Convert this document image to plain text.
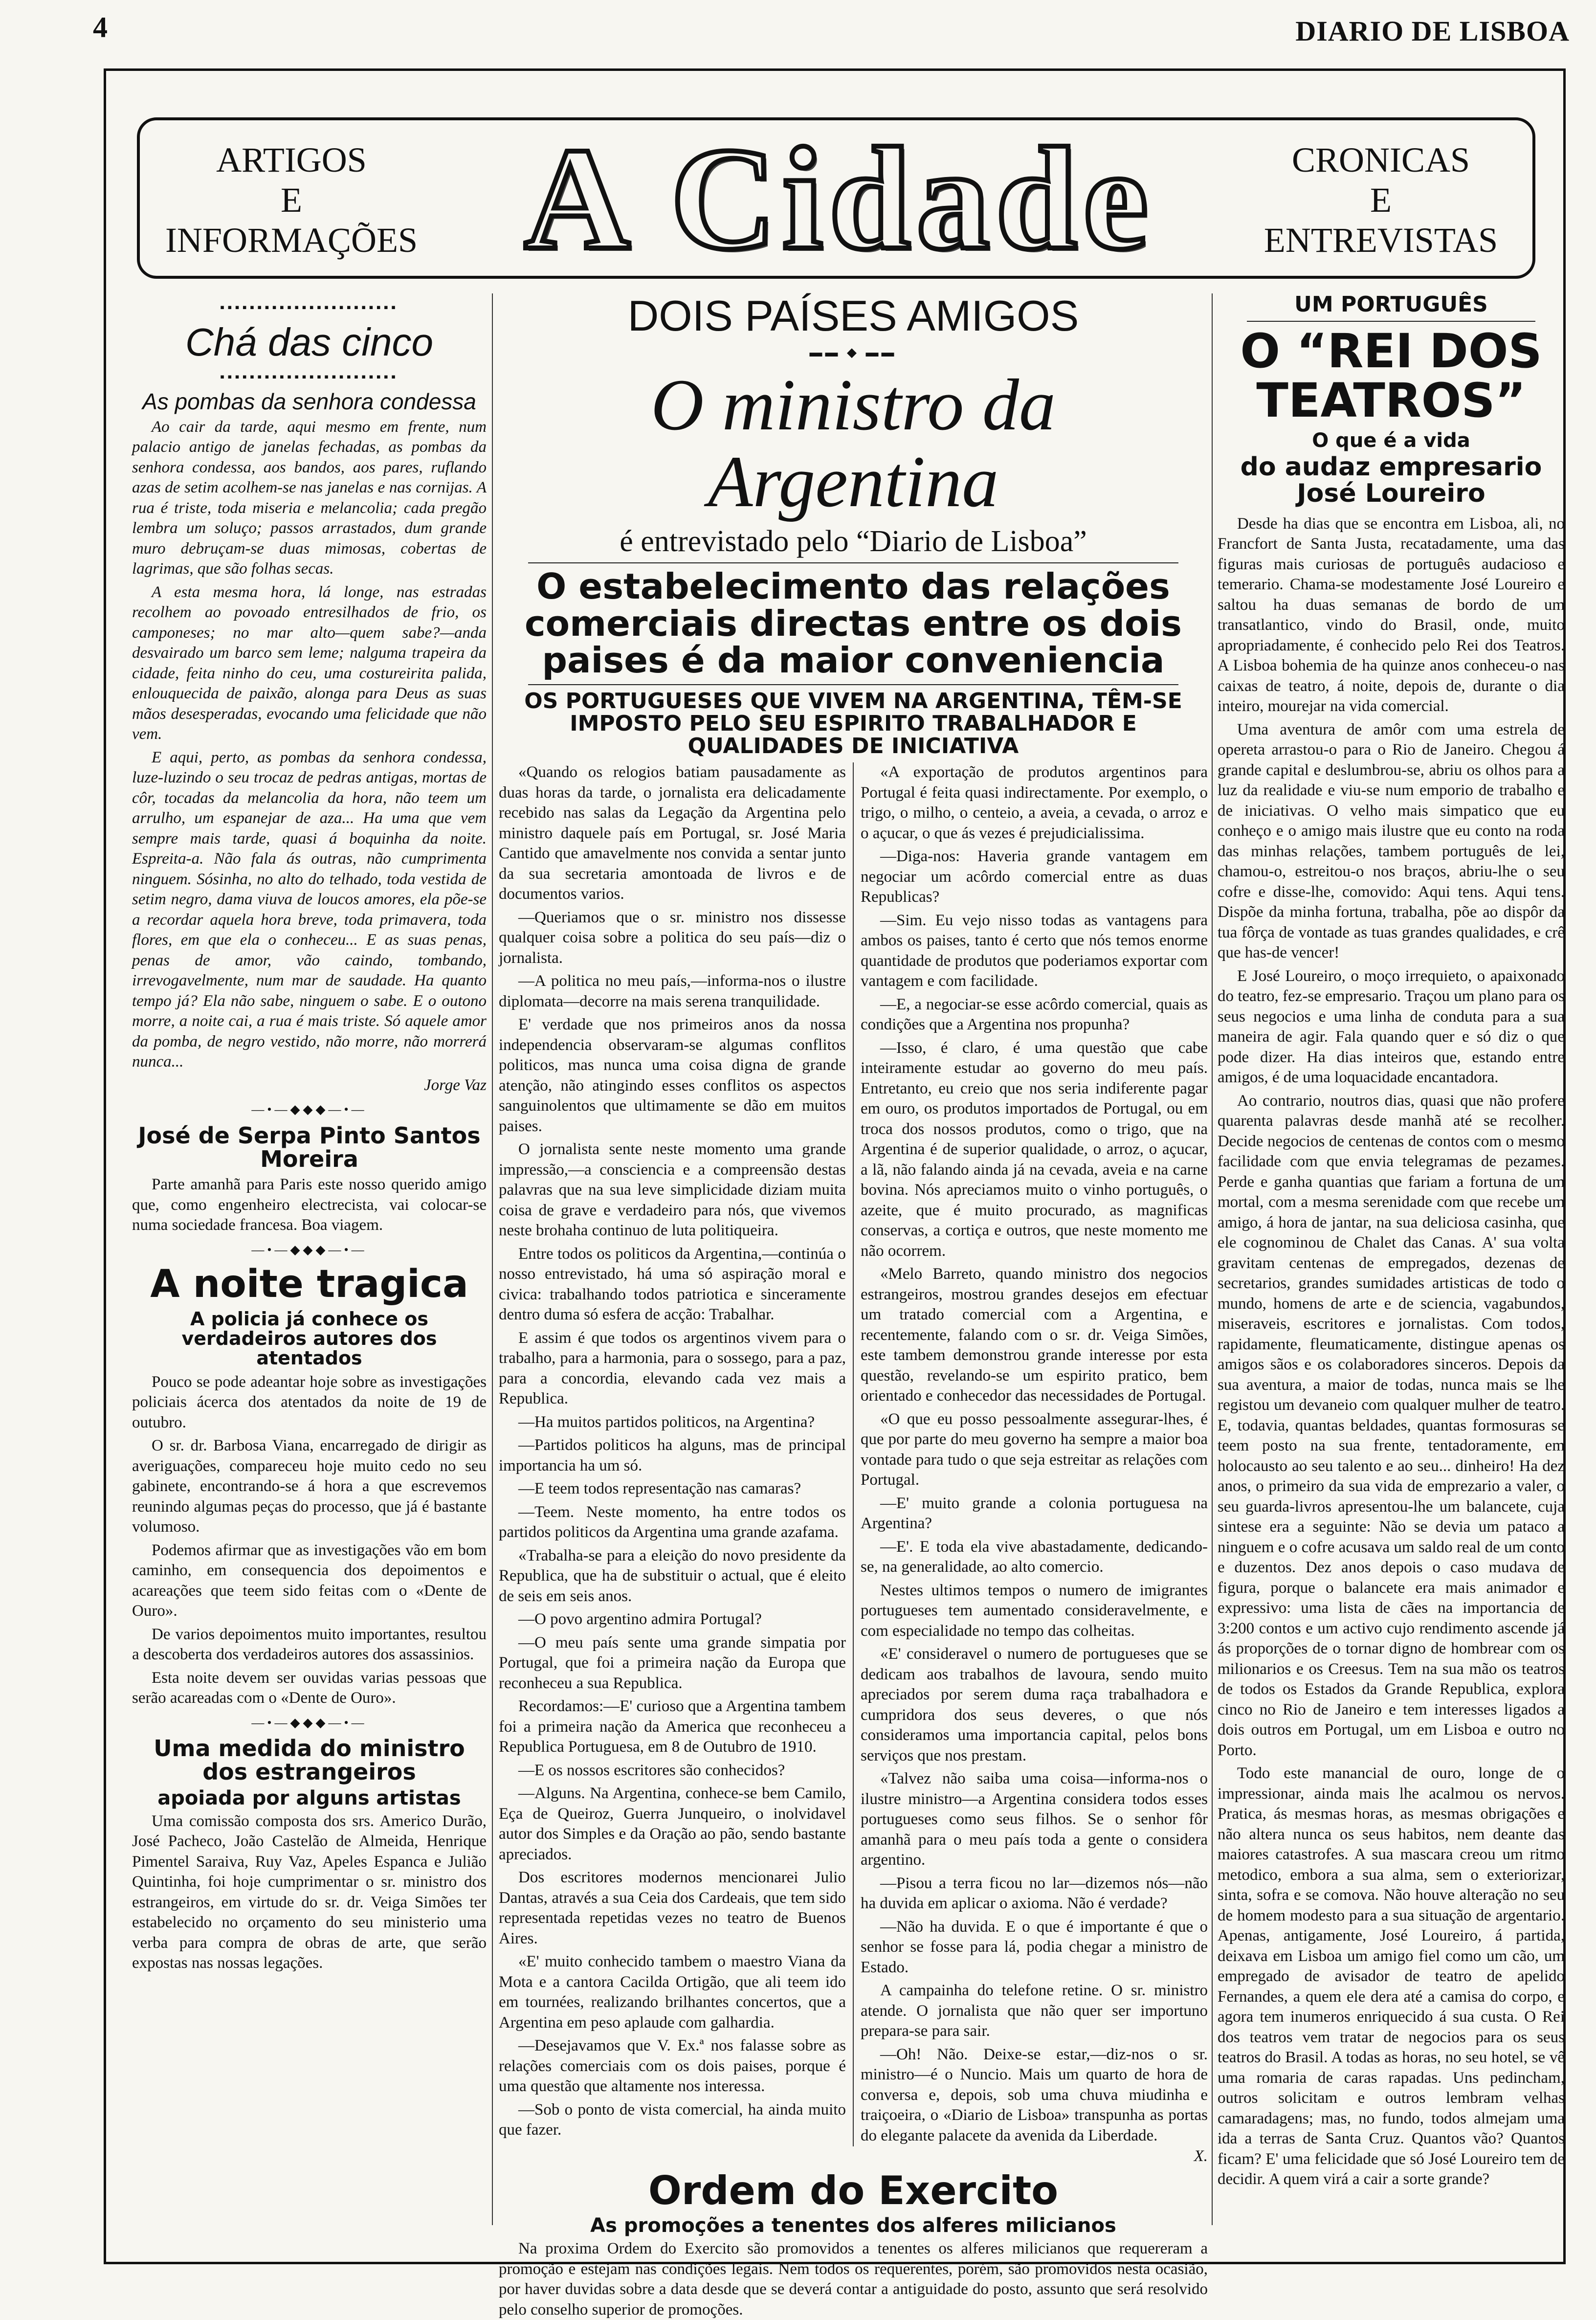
4	DIARIO DE LISBOA
ARTIGOS
E
INFORMAÇÕES A Cidade	CRONICAS
E
ENTREVISTAS
▪▪▪▪▪▪▪▪▪▪▪▪▪▪▪▪▪▪▪▪▪▪▪▪
Chá das cinco
▪▪▪▪▪▪▪▪▪▪▪▪▪▪▪▪▪▪▪▪▪▪▪▪
As pombas da senhora condessa

Ao cair da tarde, aqui mesmo em frente, num palacio antigo de janelas fechadas, as pombas da senhora condessa, aos bandos, aos pares, ruflando azas de setim acolhem-se nas janelas e nas cornijas. A rua é triste, toda miseria e melancolia; cada pregão lembra um soluço; passos arrastados, dum grande muro debruçam-se duas mimosas, cobertas de lagrimas, que são folhas secas.

A esta mesma hora, lá longe, nas estradas recolhem ao povoado entresilhados de frio, os camponeses; no mar alto—quem sabe?—anda desvairado um barco sem leme; nalguma trapeira da cidade, feita ninho do ceu, uma costureirita palida, enlouquecida de paixão, alonga para Deus as suas mãos desesperadas, evocando uma felicidade que não vem.

E aqui, perto, as pombas da senhora condessa, luze-luzindo o seu trocaz de pedras antigas, mortas de côr, tocadas da melancolia da hora, não teem um arrulho, um espanejar de aza... Ha uma que vem sempre mais tarde, quasi á boquinha da noite. Espreita-a. Não fala ás outras, não cumprimenta ninguem. Sósinha, no alto do telhado, toda vestida de setim negro, dama viuva de loucos amores, ela põe-se a recordar aquela hora breve, toda primavera, toda flores, em que ela o conheceu... E as suas penas, penas de amor, vão caindo, tombando, irrevogavelmente, num mar de saudade. Ha quanto tempo já? Ela não sabe, ninguem o sabe. E o outono morre, a noite cai, a rua é mais triste. Só aquele amor da pomba, de negro vestido, não morre, não morrerá nunca...

Jorge Vaz

—•—◆◆◆—•—
José de Serpa Pinto Santos Moreira

Parte amanhã para Paris este nosso querido amigo que, como engenheiro electrecista, vai colocar-se numa sociedade francesa. Boa viagem.

—•—◆◆◆—•—
A noite tragica
A policia já conhece os verdadeiros autores dos atentados

Pouco se pode adeantar hoje sobre as investigações policiais ácerca dos atentados da noite de 19 de outubro.

O sr. dr. Barbosa Viana, encarregado de dirigir as averiguações, compareceu hoje muito cedo no seu gabinete, encontrando-se á hora a que escrevemos reunindo algumas peças do processo, que já é bastante volumoso.

Podemos afirmar que as investigações vão em bom caminho, em consequencia dos depoimentos e acareações que teem sido feitas com o «Dente de Ouro».

De varios depoimentos muito importantes, resultou a descoberta dos verdadeiros autores dos assassinios.

Esta noite devem ser ouvidas varias pessoas que serão acareadas com o «Dente de Ouro».

—•—◆◆◆—•—
Uma medida do ministro dos estrangeiros
apoiada por alguns artistas

Uma comissão composta dos srs. Americo Durão, José Pacheco, João Castelão de Almeida, Henrique Pimentel Saraiva, Ruy Vaz, Apeles Espanca e Julião Quintinha, foi hoje cumprimentar o sr. ministro dos estrangeiros, em virtude do sr. dr. Veiga Simões ter estabelecido no orçamento do seu ministerio uma verba para compra de obras de arte, que serão expostas nas nossas legações.

DOIS PAÍSES AMIGOS
▬▬ ◆ ▬▬
O ministro da Argentina
é entrevistado pelo “Diario de Lisboa”
O estabelecimento das relações comerciais directas entre os dois paises é da maior conveniencia
OS PORTUGUESES QUE VIVEM NA ARGENTINA, TÊM-SE IMPOSTO PELO SEU ESPIRITO TRABALHADOR E QUALIDADES DE INICIATIVA

«Quando os relogios batiam pausadamente as duas horas da tarde, o jornalista era delicadamente recebido nas salas da Legação da Argentina pelo ministro daquele país em Portugal, sr. José Maria Cantido que amavelmente nos convida a sentar junto da sua secretaria amontoada de livros e de documentos varios.

—Queriamos que o sr. ministro nos dissesse qualquer coisa sobre a politica do seu país—diz o jornalista.

—A politica no meu país,—informa-nos o ilustre diplomata—decorre na mais serena tranquilidade.

E' verdade que nos primeiros anos da nossa independencia observaram-se algumas conflitos politicos, mas nunca uma coisa digna de grande atenção, não atingindo esses conflitos os aspectos sanguinolentos que ultimamente se dão em muitos paises.

O jornalista sente neste momento uma grande impressão,—a consciencia e a compreensão destas palavras que na sua leve simplicidade diziam muita coisa de grave e verdadeiro para nós, que vivemos neste brohaha continuo de luta politiqueira.

Entre todos os politicos da Argentina,—continúa o nosso entrevistado, há uma só aspiração moral e civica: trabalhando todos patriotica e sinceramente dentro duma só esfera de acção: Trabalhar.

E assim é que todos os argentinos vivem para o trabalho, para a harmonia, para o sossego, para a paz, para a concordia, elevando cada vez mais a Republica.

—Ha muitos partidos politicos, na Argentina?

—Partidos politicos ha alguns, mas de principal importancia ha um só.

—E teem todos representação nas camaras?

—Teem. Neste momento, ha entre todos os partidos politicos da Argentina uma grande azafama.

«Trabalha-se para a eleição do novo presidente da Republica, que ha de substituir o actual, que é eleito de seis em seis anos.

—O povo argentino admira Portugal?

—O meu país sente uma grande simpatia por Portugal, que foi a primeira nação da Europa que reconheceu a sua Republica.

Recordamos:—E' curioso que a Argentina tambem foi a primeira nação da America que reconheceu a Republica Portuguesa, em 8 de Outubro de 1910.

—E os nossos escritores são conhecidos?

—Alguns. Na Argentina, conhece-se bem Camilo, Eça de Queiroz, Guerra Junqueiro, o inolvidavel autor dos Simples e da Oração ao pão, sendo bastante apreciados.

Dos escritores modernos mencionarei Julio Dantas, através a sua Ceia dos Cardeais, que tem sido representada repetidas vezes no teatro de Buenos Aires.

«E' muito conhecido tambem o maestro Viana da Mota e a cantora Cacilda Ortigão, que ali teem ido em tournées, realizando brilhantes concertos, que a Argentina em peso aplaude com galhardia.

—Desejavamos que V. Ex.ª nos falasse sobre as relações comerciais com os dois paises, porque é uma questão que altamente nos interessa.

—Sob o ponto de vista comercial, ha ainda muito que fazer.

«A exportação de produtos argentinos para Portugal é feita quasi indirectamente. Por exemplo, o trigo, o milho, o centeio, a aveia, a cevada, o arroz e o açucar, o que ás vezes é prejudicialissima.

—Diga-nos: Haveria grande vantagem em negociar um acôrdo comercial entre as duas Republicas?

—Sim. Eu vejo nisso todas as vantagens para ambos os paises, tanto é certo que nós temos enorme quantidade de produtos que poderiamos exportar com vantagem e com facilidade.

—E, a negociar-se esse acôrdo comercial, quais as condições que a Argentina nos propunha?

—Isso, é claro, é uma questão que cabe inteiramente estudar ao governo do meu país. Entretanto, eu creio que nos seria indiferente pagar em ouro, os produtos importados de Portugal, ou em troca dos nossos produtos, como o trigo, que na Argentina é de superior qualidade, o arroz, o açucar, a lã, não falando ainda já na cevada, aveia e na carne bovina. Nós apreciamos muito o vinho português, o azeite, que é muito procurado, as magnificas conservas, a cortiça e outros, que neste momento me não ocorrem.

«Melo Barreto, quando ministro dos negocios estrangeiros, mostrou grandes desejos em efectuar um tratado comercial com a Argentina, e recentemente, falando com o sr. dr. Veiga Simões, este tambem demonstrou grande interesse por esta questão, revelando-se um espirito pratico, bem orientado e conhecedor das necessidades de Portugal.

«O que eu posso pessoalmente assegurar-lhes, é que por parte do meu governo ha sempre a maior boa vontade para tudo o que seja estreitar as relações com Portugal.

—E' muito grande a colonia portuguesa na Argentina?

—E'. E toda ela vive abastadamente, dedicando-se, na generalidade, ao alto comercio.

Nestes ultimos tempos o numero de imigrantes portugueses tem aumentado consideravelmente, e com especialidade no tempo das colheitas.

«E' consideravel o numero de portugueses que se dedicam aos trabalhos de lavoura, sendo muito apreciados por serem duma raça trabalhadora e cumpridora dos seus deveres, o que nós consideramos uma importancia capital, pelos bons serviços que nos prestam.

«Talvez não saiba uma coisa—informa-nos o ilustre ministro—a Argentina considera todos esses portugueses como seus filhos. Se o senhor fôr amanhã para o meu país toda a gente o considera argentino.

—Pisou a terra ficou no lar—dizemos nós—não ha duvida em aplicar o axioma. Não é verdade?

—Não ha duvida. E o que é importante é que o senhor se fosse para lá, podia chegar a ministro de Estado.

A campainha do telefone retine. O sr. ministro atende. O jornalista que não quer ser importuno prepara-se para sair.

—Oh! Não. Deixe-se estar,—diz-nos o sr. ministro—é o Nuncio. Mais um quarto de hora de conversa e, depois, sob uma chuva miudinha e traiçoeira, o «Diario de Lisboa» transpunha as portas do elegante palacete da avenida da Liberdade.

X.

Ordem do Exercito
As promoções a tenentes dos alferes milicianos

Na proxima Ordem do Exercito são promovidos a tenentes os alferes milicianos que requereram a promoção e estejam nas condições legais. Nem todos os requerentes, porém, são promovidos nesta ocasião, por haver duvidas sobre a data desde que se deverá contar a antiguidade do posto, assunto que será resolvido pelo conselho superior de promoções.

UM PORTUGUÊS
O “REI DOS TEATROS”
O que é a vida
do audaz empresario José Loureiro

Desde ha dias que se encontra em Lisboa, ali, no Francfort de Santa Justa, recatadamente, uma das figuras mais curiosas de português audacioso e temerario. Chama-se modestamente José Loureiro e saltou ha duas semanas de bordo de um transatlantico, vindo do Brasil, onde, muito apropriadamente, é conhecido pelo Rei dos Teatros. A Lisboa bohemia de ha quinze anos conheceu-o nas caixas de teatro, á noite, depois de, durante o dia inteiro, mourejar na vida comercial.

Uma aventura de amôr com uma estrela de opereta arrastou-o para o Rio de Janeiro. Chegou á grande capital e deslumbrou-se, abriu os olhos para a luz da realidade e viu-se num emporio de trabalho e de iniciativas. O velho mais simpatico que eu conheço e o amigo mais ilustre que eu conto na roda das minhas relações, tambem português de lei, chamou-o, estreitou-o nos braços, abriu-lhe o seu cofre e disse-lhe, comovido: Aqui tens. Aqui tens. Dispõe da minha fortuna, trabalha, põe ao dispôr da tua fôrça de vontade as tuas grandes qualidades, e crê que has-de vencer!

E José Loureiro, o moço irrequieto, o apaixonado do teatro, fez-se empresario. Traçou um plano para os seus negocios e uma linha de conduta para a sua maneira de agir. Fala quando quer e só diz o que pode dizer. Ha dias inteiros que, estando entre amigos, é de uma loquacidade encantadora.

Ao contrario, noutros dias, quasi que não profere quarenta palavras desde manhã até se recolher. Decide negocios de centenas de contos com o mesmo facilidade com que envia telegramas de pezames. Perde e ganha quantias que fariam a fortuna de um mortal, com a mesma serenidade com que recebe um amigo, á hora de jantar, na sua deliciosa casinha, que ele cognominou de Chalet das Canas. A' sua volta gravitam centenas de empregados, dezenas de secretarios, grandes sumidades artisticas de todo o mundo, homens de arte e de sciencia, vagabundos, miseraveis, escritores e jornalistas. Com todos, rapidamente, fleumaticamente, distingue apenas os amigos sãos e os colaboradores sinceros. Depois da sua aventura, a maior de todas, nunca mais se lhe registou um devaneio com qualquer mulher de teatro. E, todavia, quantas beldades, quantas formosuras se teem posto na sua frente, tentadoramente, em holocausto ao seu talento e ao seu... dinheiro! Ha dez anos, o primeiro da sua vida de emprezario a valer, o seu guarda-livros apresentou-lhe um balancete, cuja sintese era a seguinte: Não se devia um pataco a ninguem e o cofre acusava um saldo real de um conto e duzentos. Dez anos depois o caso mudava de figura, porque o balancete era mais animador e expressivo: uma lista de cães na importancia de 3:200 contos e um activo cujo rendimento ascende já ás proporções de o tornar digno de hombrear com os milionarios e os Creesus. Tem na sua mão os teatros de todos os Estados da Grande Republica, explora cinco no Rio de Janeiro e tem interesses ligados a dois outros em Portugal, um em Lisboa e outro no Porto.

Todo este manancial de ouro, longe de o impressionar, ainda mais lhe acalmou os nervos. Pratica, ás mesmas horas, as mesmas obrigações e não altera nunca os seus habitos, nem deante das maiores catastrofes. A sua mascara creou um ritmo metodico, embora a sua alma, sem o exteriorizar, sinta, sofra e se comova. Não houve alteração no seu de homem modesto para a sua situação de argentario. Apenas, antigamente, José Loureiro, á partida, deixava em Lisboa um amigo fiel como um cão, um empregado de avisador de teatro de apelido Fernandes, a quem ele dera até a camisa do corpo, e agora tem inumeros enriquecido á sua custa. O Rei dos teatros vem tratar de negocios para os seus teatros do Brasil. A todas as horas, no seu hotel, se vê uma romaria de caras rapadas. Uns pedincham, outros solicitam e outros lembram velhas camaradagens; mas, no fundo, todos almejam uma ida a terras de Santa Cruz. Quantos vão? Quantos ficam? E' uma felicidade que só José Loureiro tem de decidir. A quem virá a cair a sorte grande?
